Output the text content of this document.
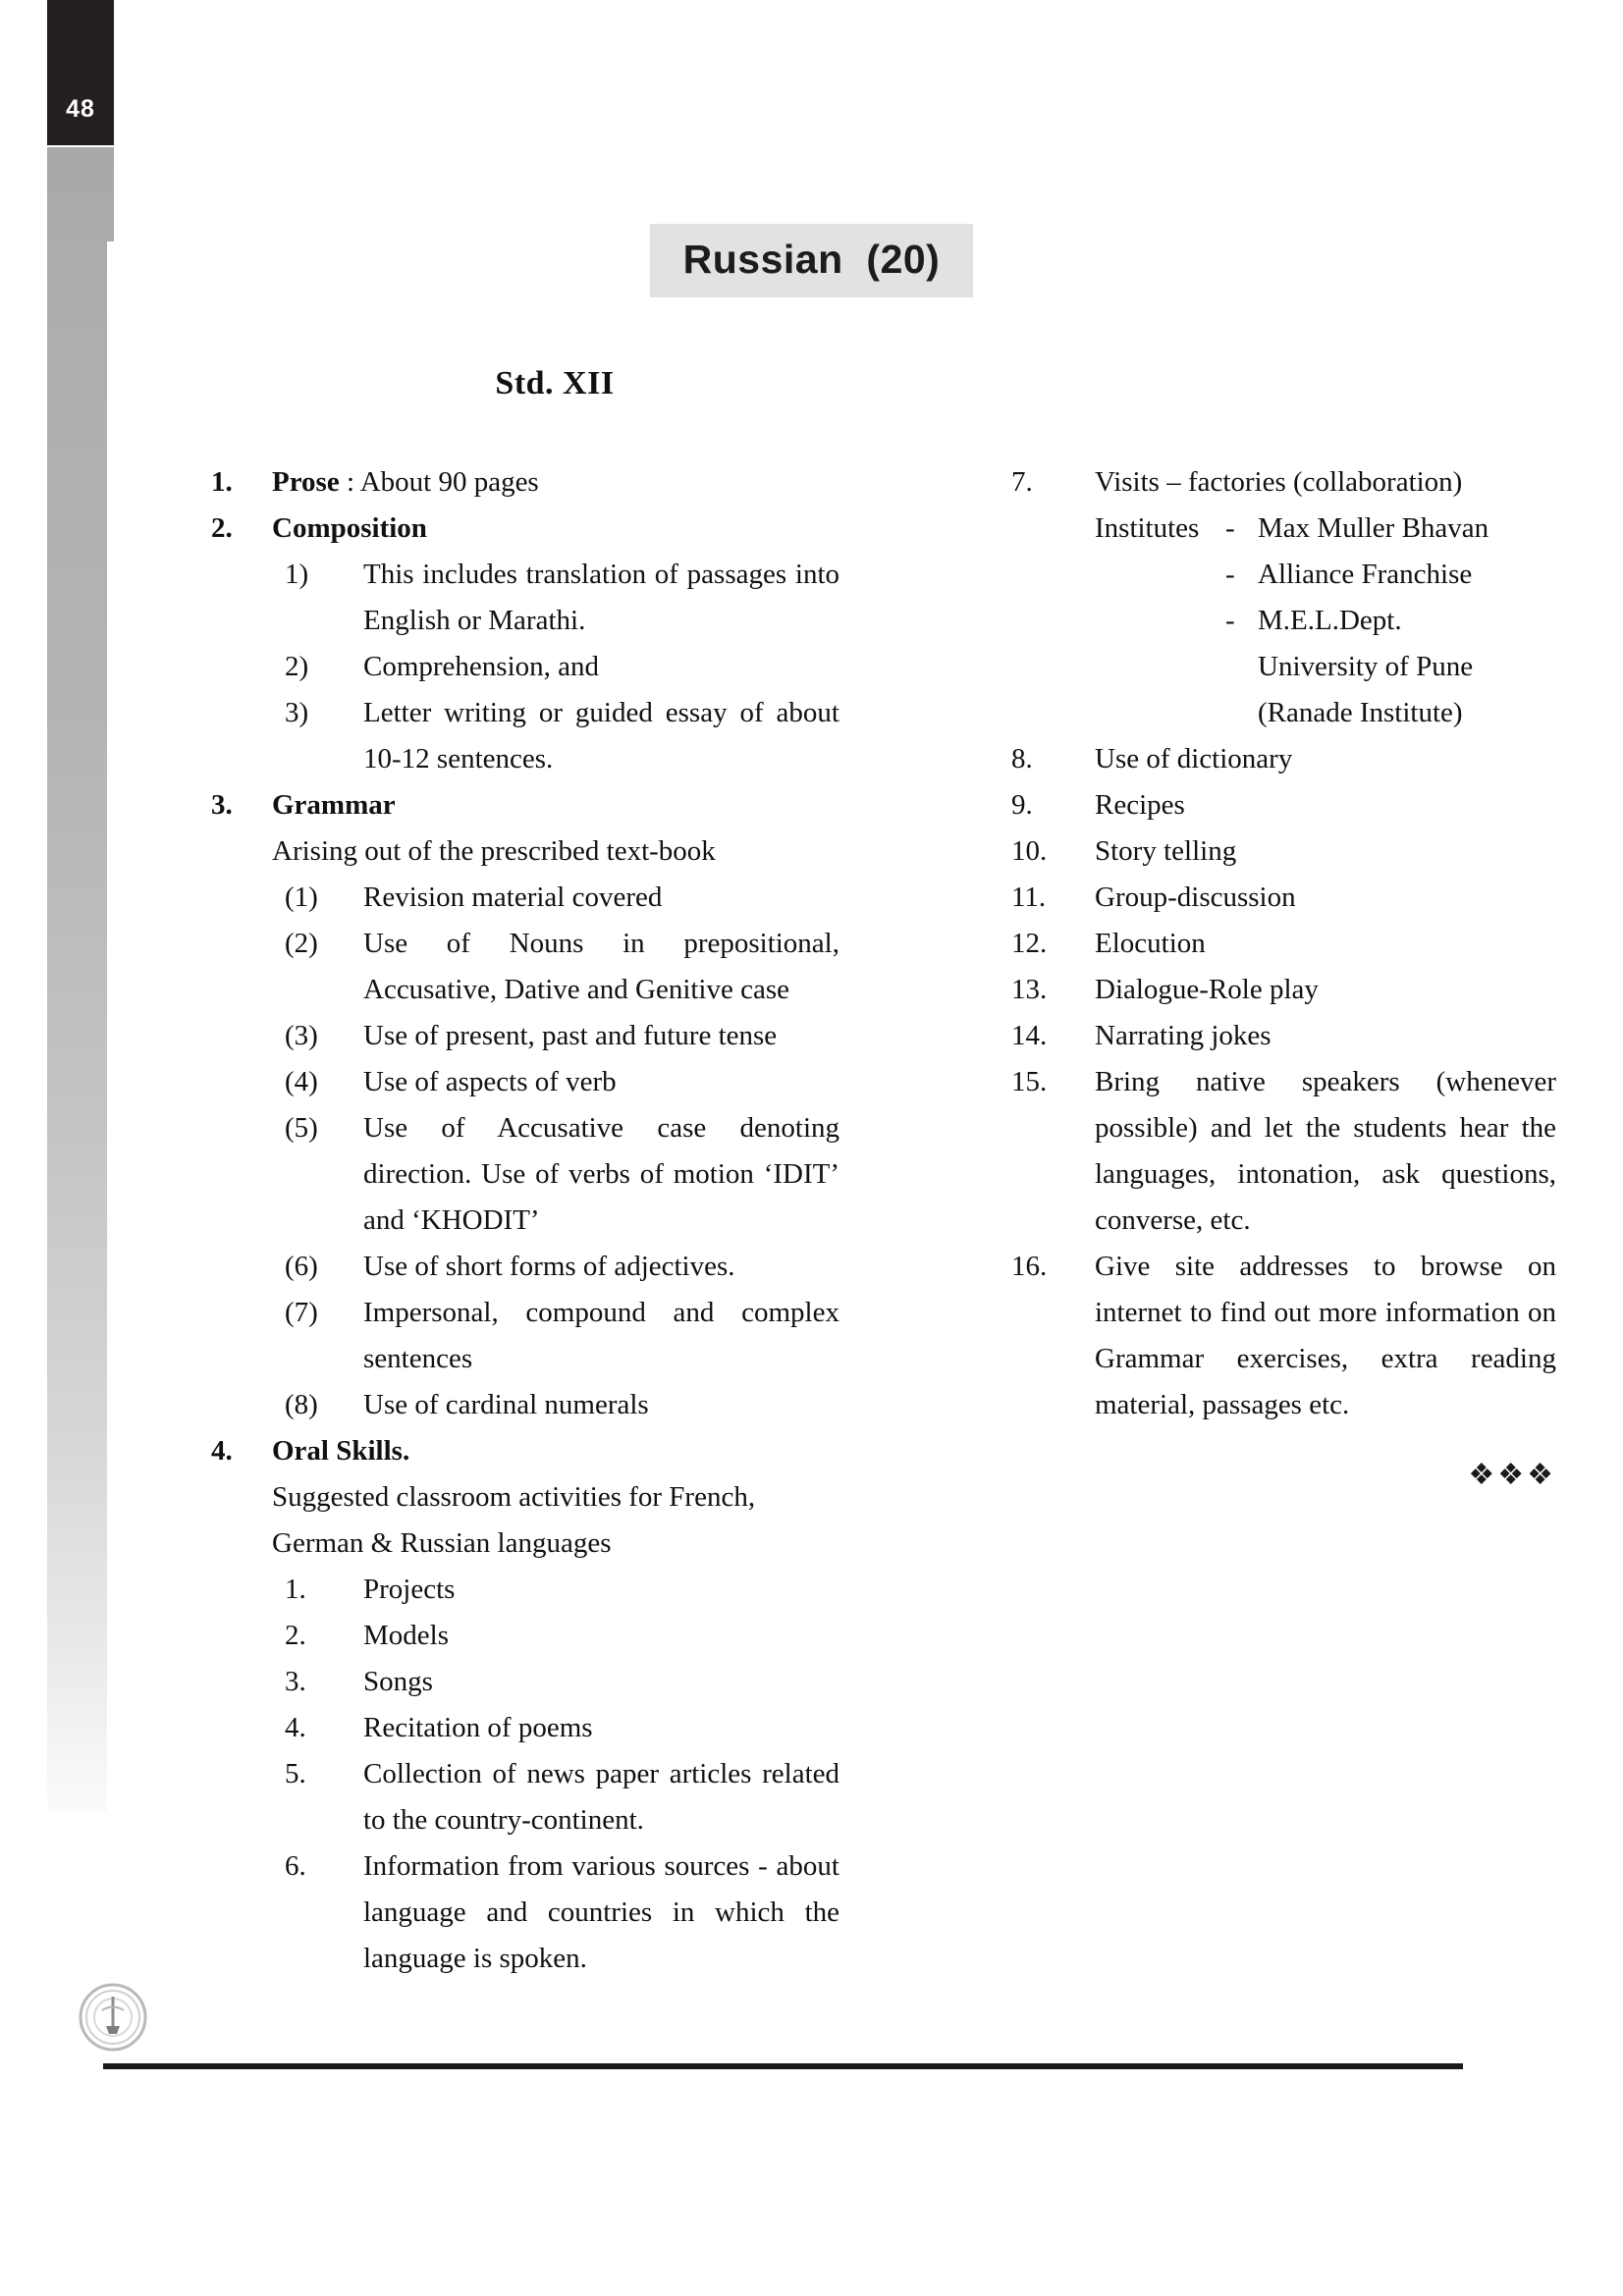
48
Russian  (20)
Std. XII
1.	Prose : About 90 pages
2.	Composition
1)	This includes translation of passages into English or Marathi.
2)	Comprehension, and
3)	Letter writing or guided essay of about 10-12 sentences.
3.	Grammar
Arising out of the prescribed text-book
(1)	Revision material covered
(2)	Use of Nouns in prepositional, Accusative, Dative and Genitive case
(3)	Use of present, past and future tense
(4)	Use of aspects of verb
(5)	Use of Accusative case denoting direction. Use of verbs of motion ‘IDIT’ and ‘KHODIT’
(6)	Use of short forms of adjectives.
(7)	Impersonal, compound and complex sentences
(8)	Use of cardinal numerals
4.	Oral Skills.
Suggested classroom activities for French, German & Russian languages
1.	Projects
2.	Models
3.	Songs
4.	Recitation of poems
5.	Collection of news paper articles related to the country-continent.
6.	Information from various sources - about language and countries in which the language is spoken.
7.	Visits – factories (collaboration)
Institutes - Max Muller Bhavan
- Alliance Franchise
- M.E.L.Dept.
University of Pune
(Ranade Institute)
8.	Use of dictionary
9.	Recipes
10.	Story telling
11.	Group-discussion
12.	Elocution
13.	Dialogue-Role play
14.	Narrating jokes
15.	Bring native speakers (whenever possible) and let the students hear the languages, intonation, ask questions, converse, etc.
16.	Give site addresses to browse on internet to find out more information on Grammar exercises, extra reading material, passages etc.
❖❖❖
